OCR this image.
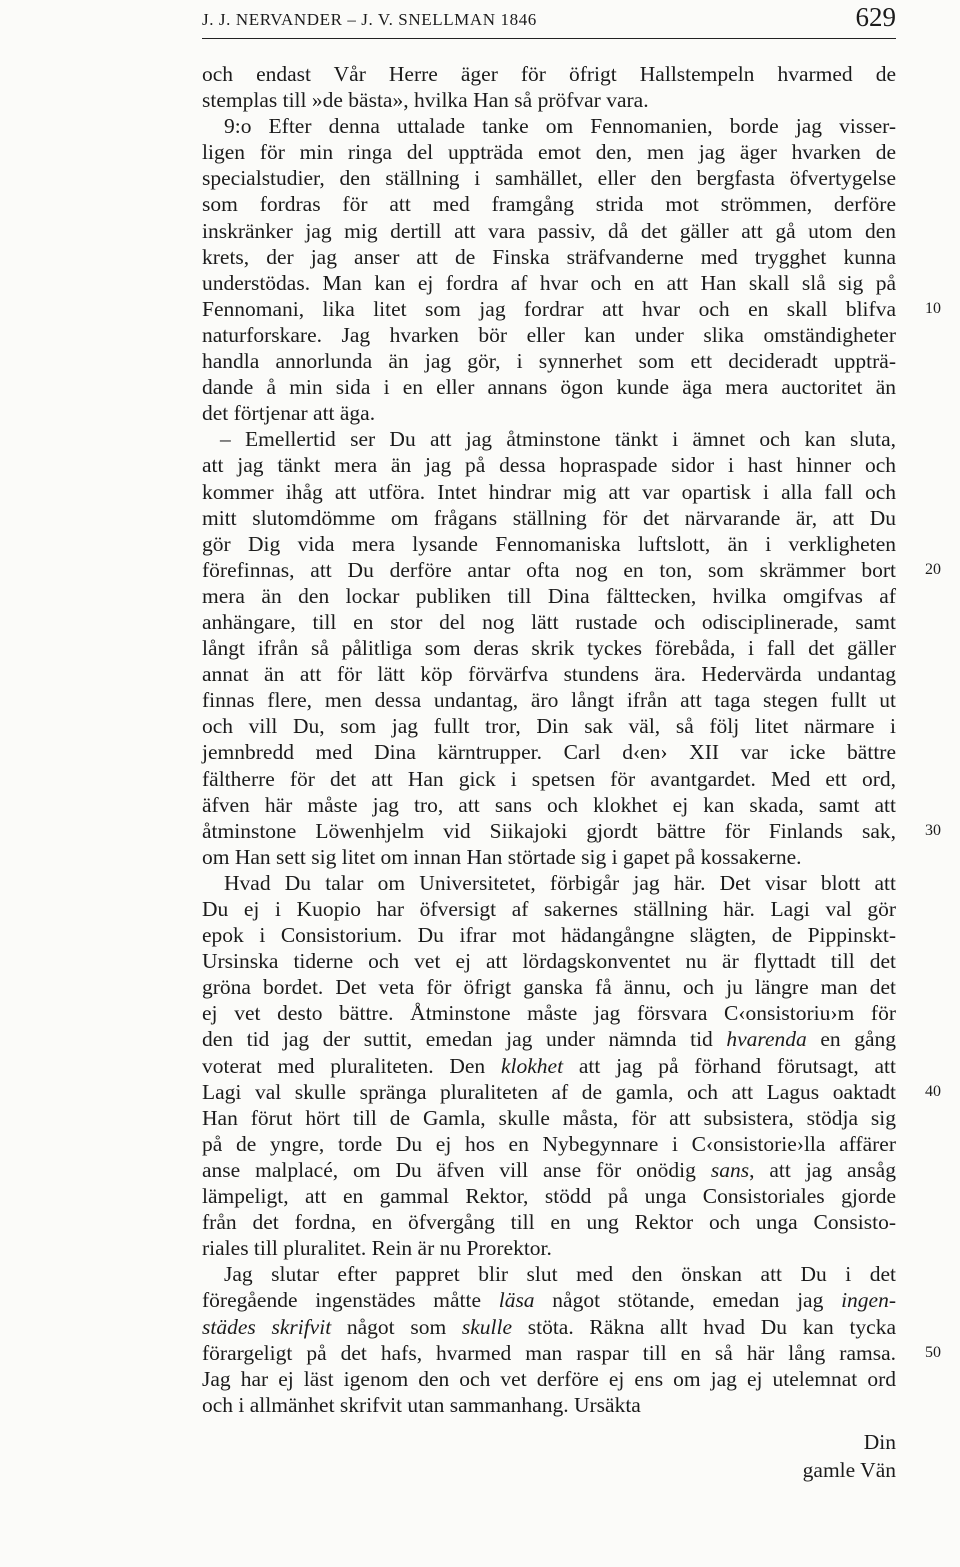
J. J. NERVANDER – J. V. SNELLMAN 1846	629
och endast Vår Herre äger för öfrigt Hallstempeln hvarmed de
stemplas till »de bästa», hvilka Han så pröfvar vara.
9:o Efter denna uttalade tanke om Fennomanien, borde jag visser-
ligen för min ringa del uppträda emot den, men jag äger hvarken de
specialstudier, den ställning i samhället, eller den bergfasta öfvertygelse
som fordras för att med framgång strida mot strömmen, derföre
inskränker jag mig dertill att vara passiv, då det gäller att gå utom den
krets, der jag anser att de Finska sträfvanderne med trygghet kunna
understödas. Man kan ej fordra af hvar och en att Han skall slå sig på
Fennomani, lika litet som jag fordrar att hvar och en skall blifva
naturforskare. Jag hvarken bör eller kan under slika omständigheter
handla annorlunda än jag gör, i synnerhet som ett decideradt uppträ-
dande å min sida i en eller annans ögon kunde äga mera auctoritet än
det förtjenar att äga.
– Emellertid ser Du att jag åtminstone tänkt i ämnet och kan sluta,
att jag tänkt mera än jag på dessa hopraspade sidor i hast hinner och
kommer ihåg att utföra. Intet hindrar mig att var opartisk i alla fall och
mitt slutomdömme om frågans ställning för det närvarande är, att Du
gör Dig vida mera lysande Fennomaniska luftslott, än i verkligheten
förefinnas, att Du derföre antar ofta nog en ton, som skrämmer bort
mera än den lockar publiken till Dina fälttecken, hvilka omgifvas af
anhängare, till en stor del nog lätt rustade och odisciplinerade, samt
långt ifrån så pålitliga som deras skrik tyckes förebåda, i fall det gäller
annat än att för lätt köp förvärfva stundens ära. Hedervärda undantag
finnas flere, men dessa undantag, äro långt ifrån att taga stegen fullt ut
och vill Du, som jag fullt tror, Din sak väl, så följ litet närmare i
jemnbredd med Dina kärntrupper. Carl d‹en› XII var icke bättre
fältherre för det att Han gick i spetsen för avantgardet. Med ett ord,
äfven här måste jag tro, att sans och klokhet ej kan skada, samt att
åtminstone Löwenhjelm vid Siikajoki gjordt bättre för Finlands sak,
om Han sett sig litet om innan Han störtade sig i gapet på kossakerne.
Hvad Du talar om Universitetet, förbigår jag här. Det visar blott att
Du ej i Kuopio har öfversigt af sakernes ställning här. Lagi val gör
epok i Consistorium. Du ifrar mot hädangångne slägten, de Pippinskt-
Ursinska tiderne och vet ej att lördagskonventet nu är flyttadt till det
gröna bordet. Det veta för öfrigt ganska få ännu, och ju längre man det
ej vet desto bättre. Åtminstone måste jag försvara C‹onsistoriu›m för
den tid jag der suttit, emedan jag under nämnda tid hvarenda en gång
voterat med pluraliteten. Den klokhet att jag på förhand förutsagt, att
Lagi val skulle spränga pluraliteten af de gamla, och att Lagus oaktadt
Han förut hört till de Gamla, skulle måsta, för att subsistera, stödja sig
på de yngre, torde Du ej hos en Nybegynnare i C‹onsistorie›lla affärer
anse malplacé, om Du äfven vill anse för onödig sans, att jag ansåg
lämpeligt, att en gammal Rektor, stödd på unga Consistoriales gjorde
från det fordna, en öfvergång till en ung Rektor och unga Consisto-
riales till pluralitet. Rein är nu Prorektor.
Jag slutar efter pappret blir slut med den önskan att Du i det
föregående ingenstädes måtte läsa något stötande, emedan jag ingen-
städes skrifvit något som skulle stöta. Räkna allt hvad Du kan tycka
förargeligt på det hafs, hvarmed man raspar till en så här lång ramsa.
Jag har ej läst igenom den och vet derföre ej ens om jag ej utelemnat ord
och i allmänhet skrifvit utan sammanhang. Ursäkta
10
20
30
40
50
Din
gamle Vän
